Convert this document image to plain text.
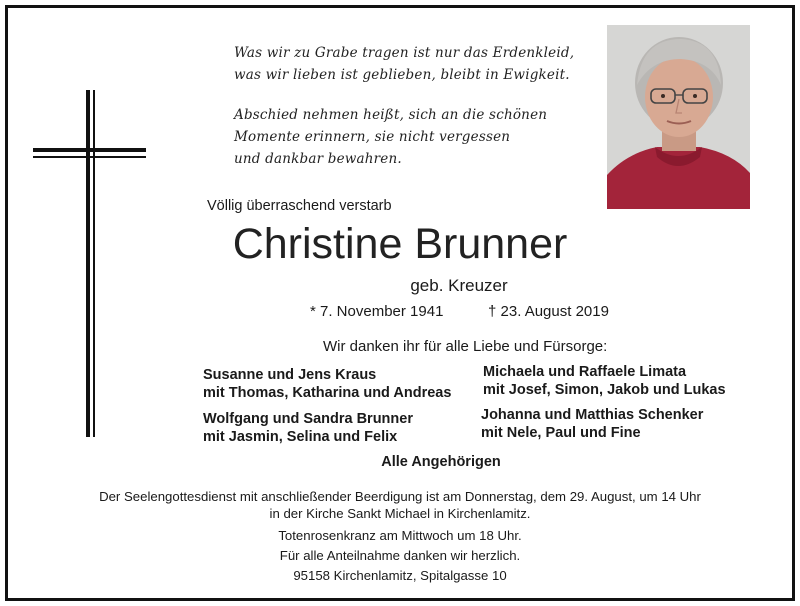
Was wir zu Grabe tragen ist nur das Erdenkleid,
was wir lieben ist geblieben, bleibt in Ewigkeit.
Abschied nehmen heißt, sich an die schönen
Momente erinnern, sie nicht vergessen
und dankbar bewahren.
Völlig überraschend verstarb
Christine Brunner
geb. Kreuzer
* 7. November 1941	† 23. August 2019
Wir danken ihr für alle Liebe und Fürsorge:
Susanne und Jens Kraus
mit Thomas, Katharina und Andreas
Michaela und Raffaele Limata
mit Josef, Simon, Jakob und Lukas
Wolfgang und Sandra Brunner
mit Jasmin, Selina und Felix
Johanna und Matthias Schenker
mit Nele, Paul und Fine
Alle Angehörigen
Der Seelengottesdienst mit anschließender Beerdigung ist am Donnerstag, dem 29. August, um 14 Uhr
in der Kirche Sankt Michael in Kirchenlamitz.
Totenrosenkranz am Mittwoch um 18 Uhr.
Für alle Anteilnahme danken wir herzlich.
95158 Kirchenlamitz, Spitalgasse 10
